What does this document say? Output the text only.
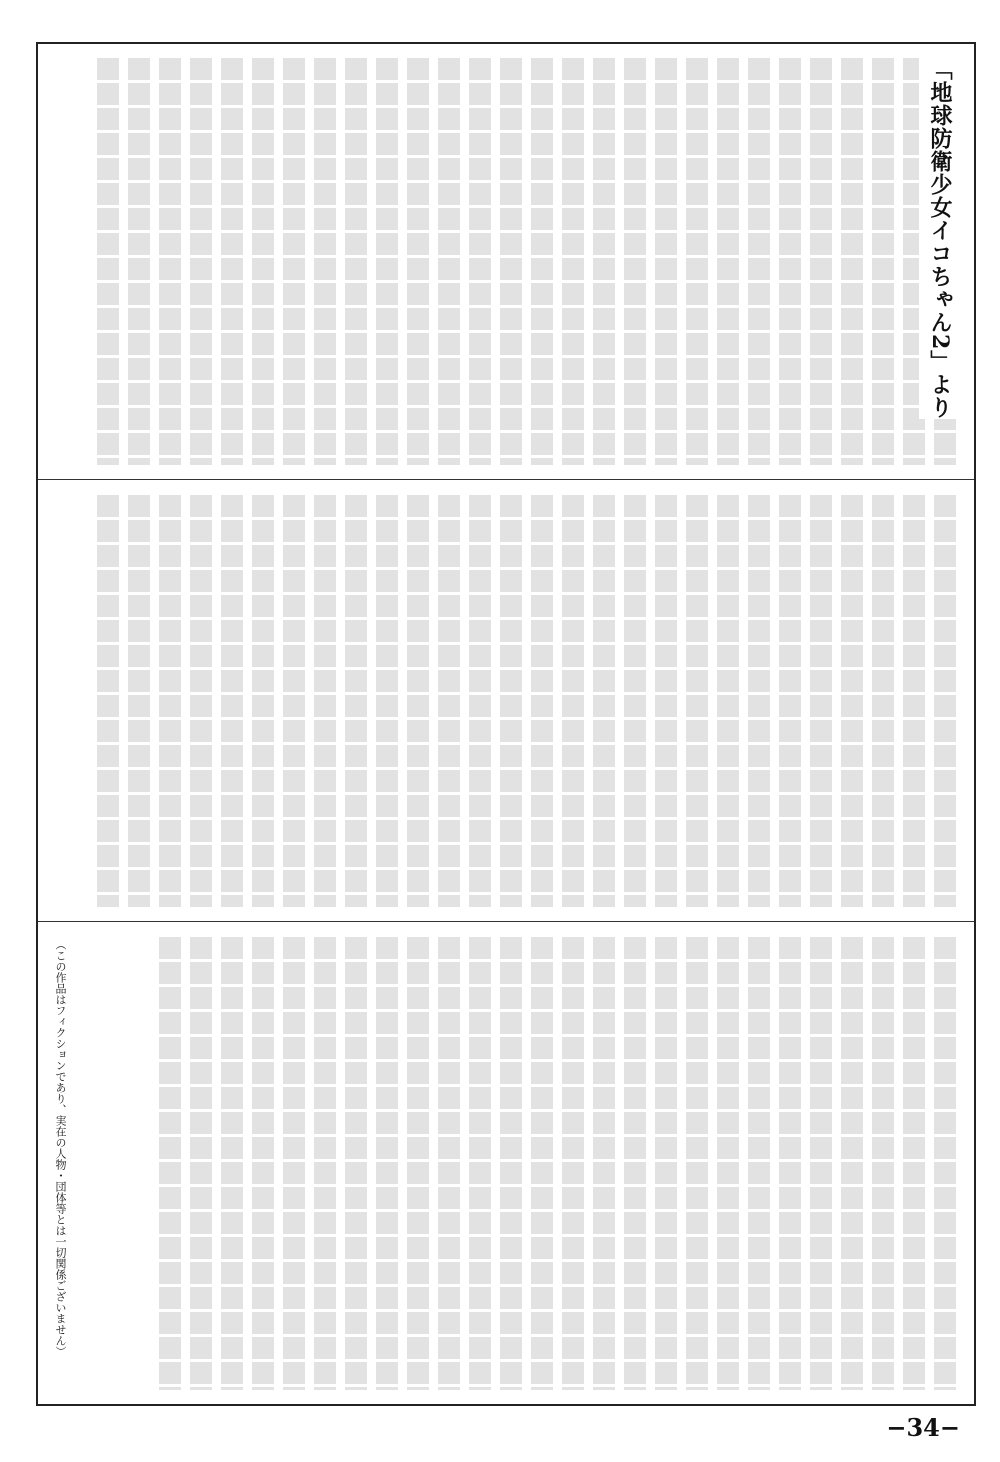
「地球防衛少女イコちゃん2」より
（この作品はフィクションであり、実在の人物・団体等とは一切関係ございません）
−34−
